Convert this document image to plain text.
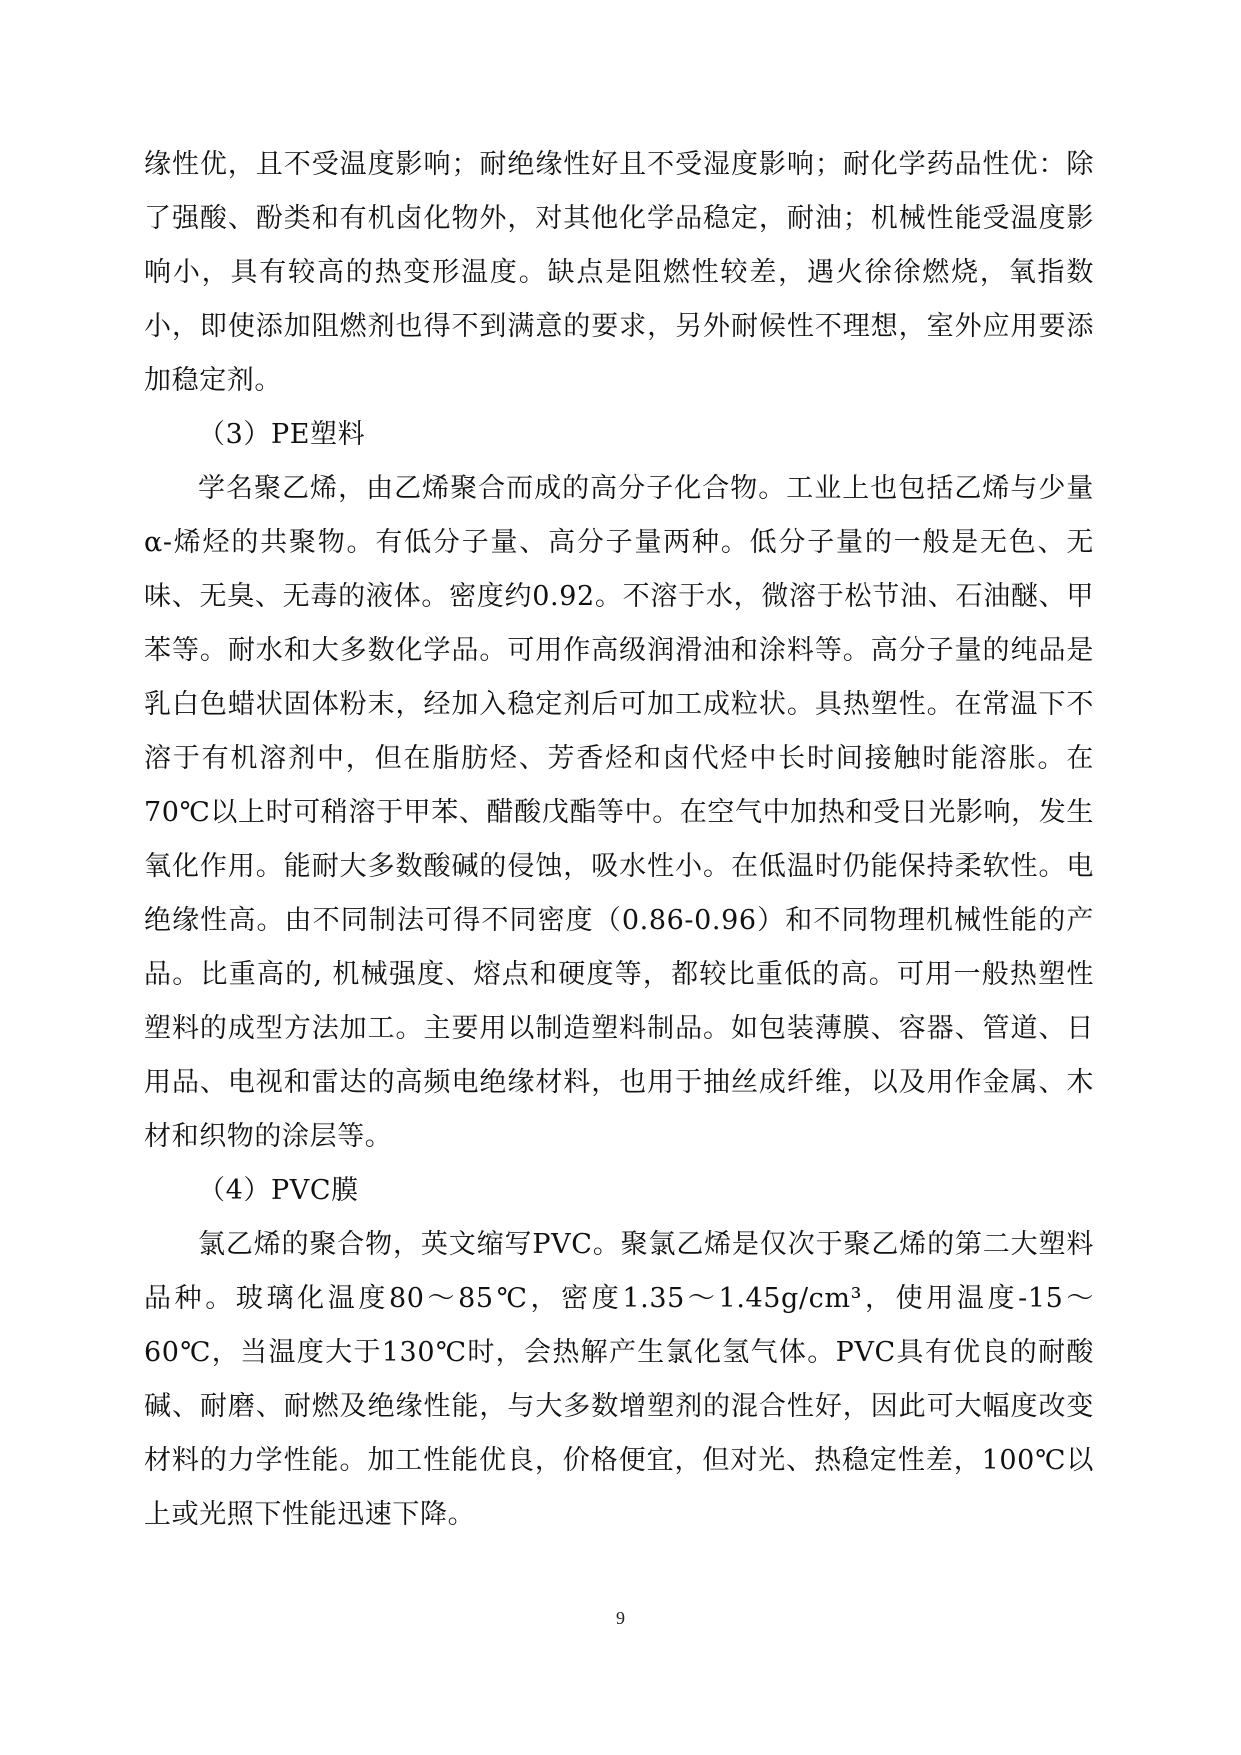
缘性优，且不受温度影响；耐绝缘性好且不受湿度影响；耐化学药品性优：除了强酸、酚类和有机卤化物外，对其他化学品稳定，耐油；机械性能受温度影响小，具有较高的热变形温度。缺点是阻燃性较差，遇火徐徐燃烧，氧指数小，即使添加阻燃剂也得不到满意的要求，另外耐候性不理想，室外应用要添加稳定剂。

（3）PE塑料

学名聚乙烯，由乙烯聚合而成的高分子化合物。工业上也包括乙烯与少量α-烯烃的共聚物。有低分子量、高分子量两种。低分子量的一般是无色、无味、无臭、无毒的液体。密度约0.92。不溶于水，微溶于松节油、石油醚、甲苯等。耐水和大多数化学品。可用作高级润滑油和涂料等。高分子量的纯品是乳白色蜡状固体粉末，经加入稳定剂后可加工成粒状。具热塑性。在常温下不溶于有机溶剂中，但在脂肪烃、芳香烃和卤代烃中长时间接触时能溶胀。在70℃以上时可稍溶于甲苯、醋酸戊酯等中。在空气中加热和受日光影响，发生氧化作用。能耐大多数酸碱的侵蚀，吸水性小。在低温时仍能保持柔软性。电绝缘性高。由不同制法可得不同密度（0.86-0.96）和不同物理机械性能的产品。比重高的, 机械强度、熔点和硬度等，都较比重低的高。可用一般热塑性塑料的成型方法加工。主要用以制造塑料制品。如包装薄膜、容器、管道、日用品、电视和雷达的高频电绝缘材料，也用于抽丝成纤维，以及用作金属、木材和织物的涂层等。

（4）PVC膜

氯乙烯的聚合物，英文缩写PVC。聚氯乙烯是仅次于聚乙烯的第二大塑料品种。玻璃化温度80～85℃，密度1.35～1.45g/cm³，使用温度-15～60℃，当温度大于130℃时，会热解产生氯化氢气体。PVC具有优良的耐酸碱、耐磨、耐燃及绝缘性能，与大多数增塑剂的混合性好，因此可大幅度改变材料的力学性能。加工性能优良，价格便宜，但对光、热稳定性差，100℃以上或光照下性能迅速下降。

9
